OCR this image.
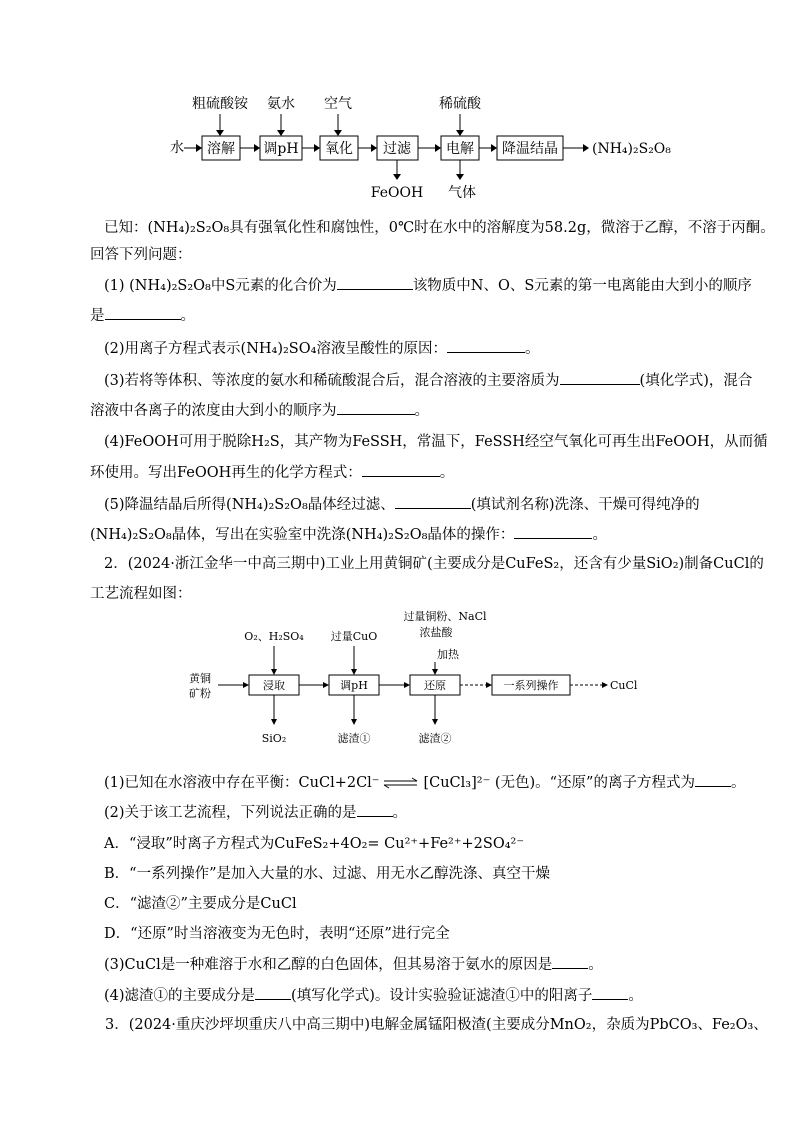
粗硫酸铵 氨水 空气	稀硫酸
水 溶解 调pH 氧化 过滤	电解 降温结晶 (NH₄)₂S₂O₈
FeOOH 气体
已知：(NH₄)₂S₂O₈具有强氧化性和腐蚀性，0℃时在水中的溶解度为58.2g，微溶于乙醇，不溶于丙酮。
回答下列问题：
(1) (NH₄)₂S₂O₈中S元素的化合价为	该物质中N、O、S元素的第一电离能由大到小的顺序
是	。
(2)用离子方程式表示(NH₄)₂SO₄溶液呈酸性的原因：	。
(3)若将等体积、等浓度的氨水和稀硫酸混合后，混合溶液的主要溶质为	(填化学式)，混合
溶液中各离子的浓度由大到小的顺序为	。
(4)FeOOH可用于脱除H₂S，其产物为FeSSH，常温下，FeSSH经空气氧化可再生出FeOOH，从而循
环使用。写出FeOOH再生的化学方程式：	。
(5)降温结晶后所得(NH₄)₂S₂O₈晶体经过滤、	(填试剂名称)洗涤、干燥可得纯净的
(NH₄)₂S₂O₈晶体，写出在实验室中洗涤(NH₄)₂S₂O₈晶体的操作：	。
2．(2024·浙江金华一中高三期中)工业上用黄铜矿(主要成分是CuFeS₂，还含有少量SiO₂)制备CuCl的
工艺流程如图：
O₂、H₂SO₄ 过量CuO
过量铜粉、NaCl
浓盐酸
加热
黄铜
矿粉
浸取	调pH	还原	一系列操作	CuCl
SiO₂	滤渣①	滤渣②
(1)已知在水溶液中存在平衡：CuCl+2Cl⁻ ⇌ [CuCl₃]²⁻ (无色)。“还原”的离子方程式为 。
(2)关于该工艺流程，下列说法正确的是 。
A．“浸取”时离子方程式为CuFeS₂+4O₂= Cu²⁺+Fe²⁺+2SO₄²⁻
B．“一系列操作”是加入大量的水、过滤、用无水乙醇洗涤、真空干燥
C．“滤渣②”主要成分是CuCl
D．“还原”时当溶液变为无色时，表明“还原”进行完全
(3)CuCl是一种难溶于水和乙醇的白色固体，但其易溶于氨水的原因是 。
(4)滤渣①的主要成分是 (填写化学式)。设计实验验证滤渣①中的阳离子 。
3．(2024·重庆沙坪坝重庆八中高三期中)电解金属锰阳极渣(主要成分MnO₂，杂质为PbCO₃、Fe₂O₃、
